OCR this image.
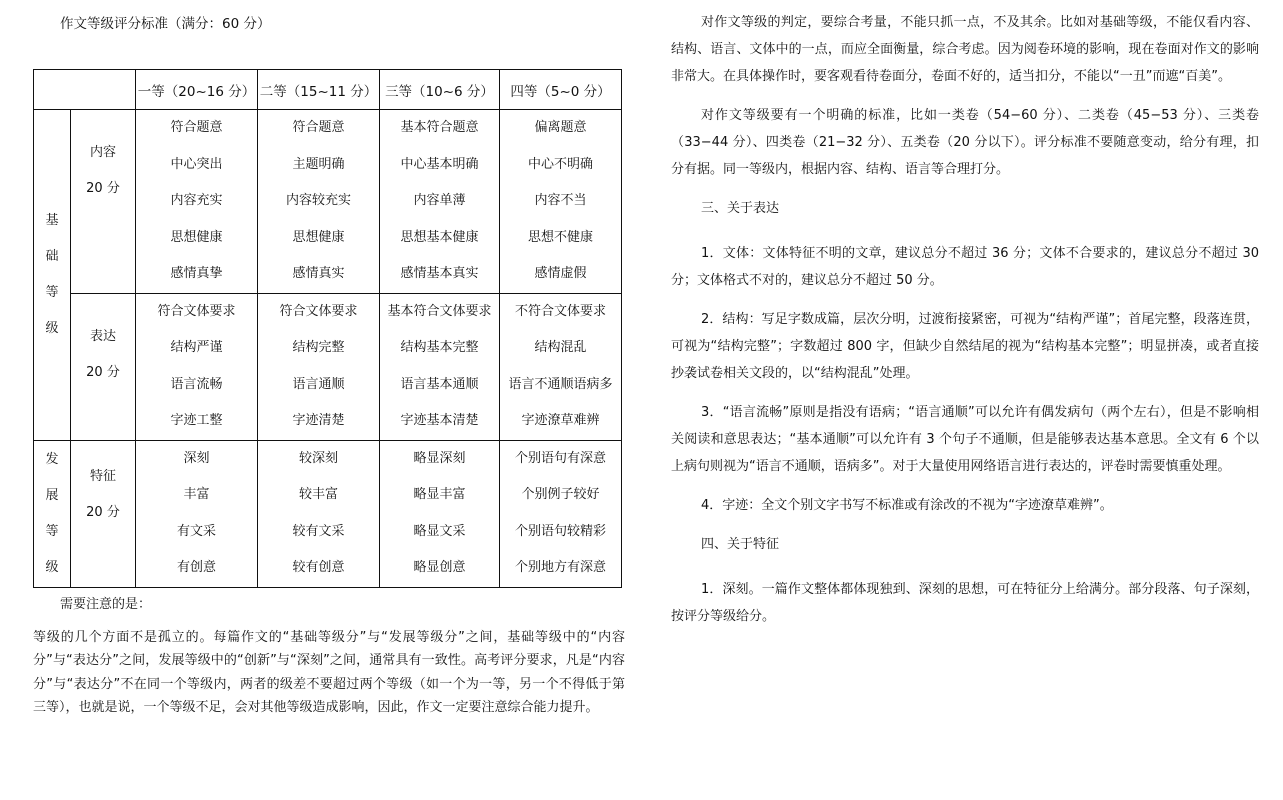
作文等级评分标准（满分：60 分）
		一等（20~16 分）	二等（15~11 分）	三等（10~6 分）	四等（5~0 分）

基
础
等
级	内容
20 分	符合题意
中心突出
内容充实
思想健康
感情真挚	符合题意
主题明确
内容较充实
思想健康
感情真实	基本符合题意
中心基本明确
内容单薄
思想基本健康
感情基本真实	偏离题意
中心不明确
内容不当
思想不健康
感情虚假

	表达
20 分	符合文体要求
结构严谨
语言流畅
字迹工整	符合文体要求
结构完整
语言通顺
字迹清楚	基本符合文体要求
结构基本完整
语言基本通顺
字迹基本清楚	不符合文体要求
结构混乱
语言不通顺语病多
字迹潦草难辨

发
展
等
级	特征
20 分	深刻
丰富
有文采
有创意	较深刻
较丰富
较有文采
较有创意	略显深刻
略显丰富
略显文采
略显创意	个别语句有深意
个别例子较好
个别语句较精彩
个别地方有深意
需要注意的是：
等级的几个方面不是孤立的。每篇作文的“基础等级分”与“发展等级分”之间，基础等级中的“内容分”与“表达分”之间，发展等级中的“创新”与“深刻”之间，通常具有一致性。高考评分要求，凡是“内容分”与“表达分”不在同一个等级内，两者的级差不要超过两个等级（如一个为一等，另一个不得低于第三等），也就是说，一个等级不足，会对其他等级造成影响，因此，作文一定要注意综合能力提升。

对作文等级的判定，要综合考量，不能只抓一点，不及其余。比如对基础等级，不能仅看内容、结构、语言、文体中的一点，而应全面衡量，综合考虑。因为阅卷环境的影响，现在卷面对作文的影响非常大。在具体操作时，要客观看待卷面分，卷面不好的，适当扣分，不能以“一丑”而遮“百美”。

对作文等级要有一个明确的标准，比如一类卷（54−60 分）、二类卷（45−53 分）、三类卷（33−44 分）、四类卷（21−32 分）、五类卷（20 分以下）。评分标准不要随意变动，给分有理，扣分有据。同一等级内，根据内容、结构、语言等合理打分。

三、关于表达

1．文体：文体特征不明的文章，建议总分不超过 36 分；文体不合要求的，建议总分不超过 30 分；文体格式不对的，建议总分不超过 50 分。

2．结构：写足字数成篇，层次分明，过渡衔接紧密，可视为“结构严谨”；首尾完整，段落连贯，可视为“结构完整”；字数超过 800 字，但缺少自然结尾的视为“结构基本完整”；明显拼凑，或者直接抄袭试卷相关文段的，以“结构混乱”处理。

3．“语言流畅”原则是指没有语病；“语言通顺”可以允许有偶发病句（两个左右），但是不影响相关阅读和意思表达；“基本通顺”可以允许有 3 个句子不通顺，但是能够表达基本意思。全文有 6 个以上病句则视为“语言不通顺，语病多”。对于大量使用网络语言进行表达的，评卷时需要慎重处理。

4．字迹：全文个别文字书写不标准或有涂改的不视为“字迹潦草难辨”。

四、关于特征

1．深刻。一篇作文整体都体现独到、深刻的思想，可在特征分上给满分。部分段落、句子深刻，按评分等级给分。
